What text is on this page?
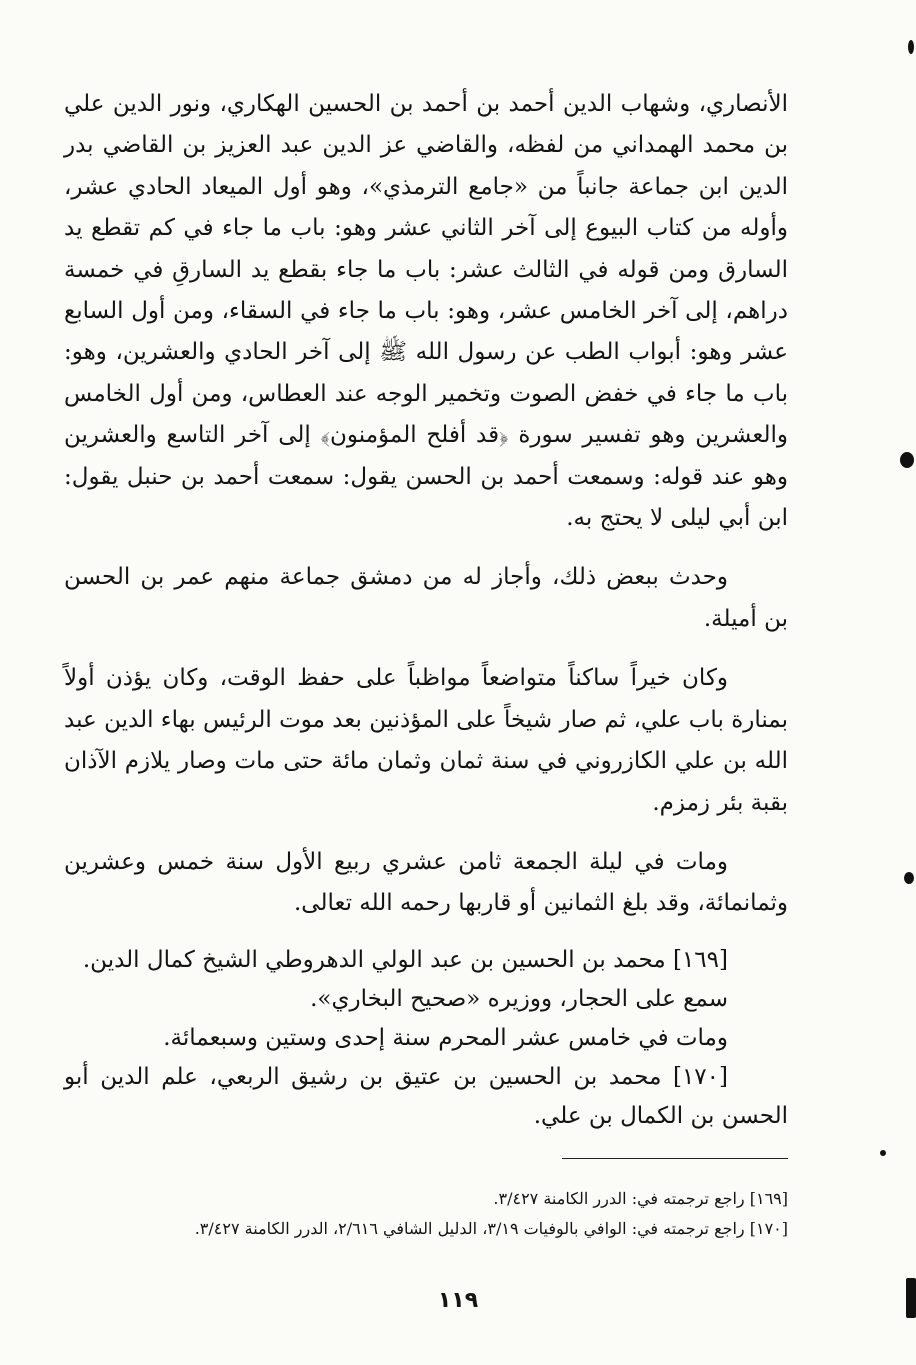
الأنصاري، وشهاب الدين أحمد بن أحمد بن الحسين الهكاري، ونور الدين علي بن محمد الهمداني من لفظه، والقاضي عز الدين عبد العزيز بن القاضي بدر الدين ابن جماعة جانباً من «جامع الترمذي»، وهو أول الميعاد الحادي عشر، وأوله من كتاب البيوع إلى آخر الثاني عشر وهو: باب ما جاء في كم تقطع يد السارق ومن قوله في الثالث عشر: باب ما جاء بقطع يد السارقِ في خمسة دراهم، إلى آخر الخامس عشر، وهو: باب ما جاء في السقاء، ومن أول السابع عشر وهو: أبواب الطب عن رسول الله ﷺ إلى آخر الحادي والعشرين، وهو: باب ما جاء في خفض الصوت وتخمير الوجه عند العطاس، ومن أول الخامس والعشرين وهو تفسير سورة ﴿قد أفلح المؤمنون﴾ إلى آخر التاسع والعشرين وهو عند قوله: وسمعت أحمد بن الحسن يقول: سمعت أحمد بن حنبل يقول: ابن أبي ليلى لا يحتج به.

وحدث ببعض ذلك، وأجاز له من دمشق جماعة منهم عمر بن الحسن بن أميلة.

وكان خيراً ساكناً متواضعاً مواظباً على حفظ الوقت، وكان يؤذن أولاً بمنارة باب علي، ثم صار شيخاً على المؤذنين بعد موت الرئيس بهاء الدين عبد الله بن علي الكازروني في سنة ثمان وثمان مائة حتى مات وصار يلازم الآذان بقبة بئر زمزم.

ومات في ليلة الجمعة ثامن عشري ربيع الأول سنة خمس وعشرين وثمانمائة، وقد بلغ الثمانين أو قاربها رحمه الله تعالى.

[١٦٩] محمد بن الحسين بن عبد الولي الدهروطي الشيخ كمال الدين.

سمع على الحجار، ووزيره «صحيح البخاري».

ومات في خامس عشر المحرم سنة إحدى وستين وسبعمائة.

[١٧٠] محمد بن الحسين بن عتيق بن رشيق الربعي، علم الدين أبو الحسن بن الكمال بن علي.

[١٦٩] راجع ترجمته في: الدرر الكامنة ٣/٤٢٧.
[١٧٠] راجع ترجمته في: الوافي بالوفيات ٣/١٩، الدليل الشافي ٢/٦١٦، الدرر الكامنة ٣/٤٢٧.
١١٩
